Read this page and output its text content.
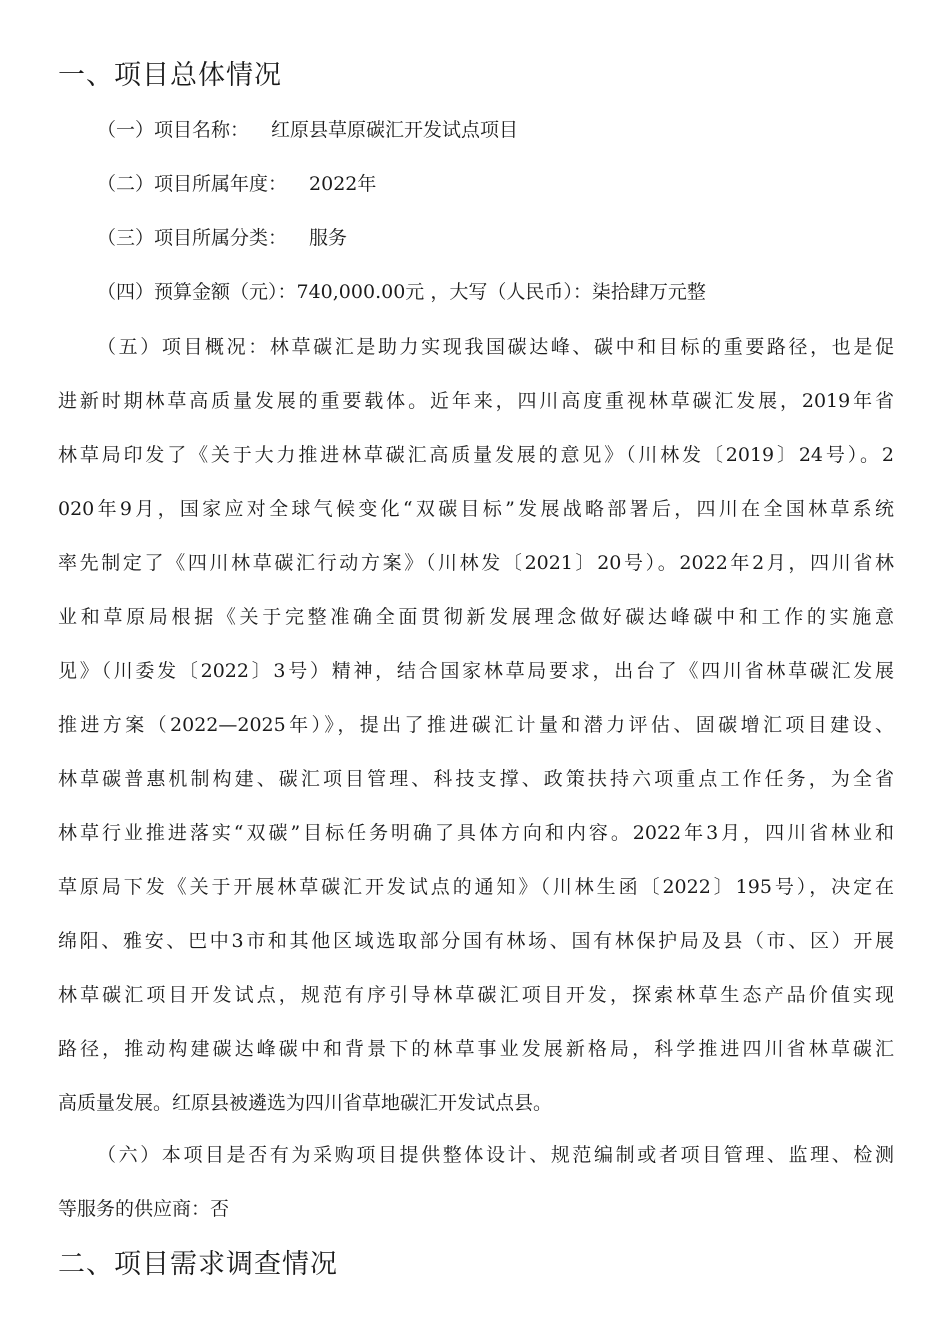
一、项目总体情况
（一）项目名称： 红原县草原碳汇开发试点项目
（二）项目所属年度： 2022年
（三）项目所属分类： 服务
（四）预算金额（元）：740,000.00元 ，大写（人民币）：柒拾肆万元整
（五）项目概况：林草碳汇是助力实现我国碳达峰、碳中和目标的重要路径，也是促
进新时期林草高质量发展的重要载体。近年来，四川高度重视林草碳汇发展，2019年省
林草局印发了《关于大力推进林草碳汇高质量发展的意见》（川林发〔2019〕24号）。2
020年9月，国家应对全球气候变化“双碳目标”发展战略部署后，四川在全国林草系统
率先制定了《四川林草碳汇行动方案》（川林发〔2021〕20号）。2022年2月，四川省林
业和草原局根据《关于完整准确全面贯彻新发展理念做好碳达峰碳中和工作的实施意
见》（川委发〔2022〕3号）精神，结合国家林草局要求，出台了《四川省林草碳汇发展
推进方案（2022—2025年）》，提出了推进碳汇计量和潜力评估、固碳增汇项目建设、
林草碳普惠机制构建、碳汇项目管理、科技支撑、政策扶持六项重点工作任务，为全省
林草行业推进落实“双碳”目标任务明确了具体方向和内容。2022年3月，四川省林业和
草原局下发《关于开展林草碳汇开发试点的通知》（川林生函〔2022〕195号），决定在
绵阳、雅安、巴中3市和其他区域选取部分国有林场、国有林保护局及县（市、区）开展
林草碳汇项目开发试点，规范有序引导林草碳汇项目开发，探索林草生态产品价值实现
路径，推动构建碳达峰碳中和背景下的林草事业发展新格局，科学推进四川省林草碳汇
高质量发展。红原县被遴选为四川省草地碳汇开发试点县。
（六）本项目是否有为采购项目提供整体设计、规范编制或者项目管理、监理、检测
等服务的供应商：否
二、项目需求调查情况
